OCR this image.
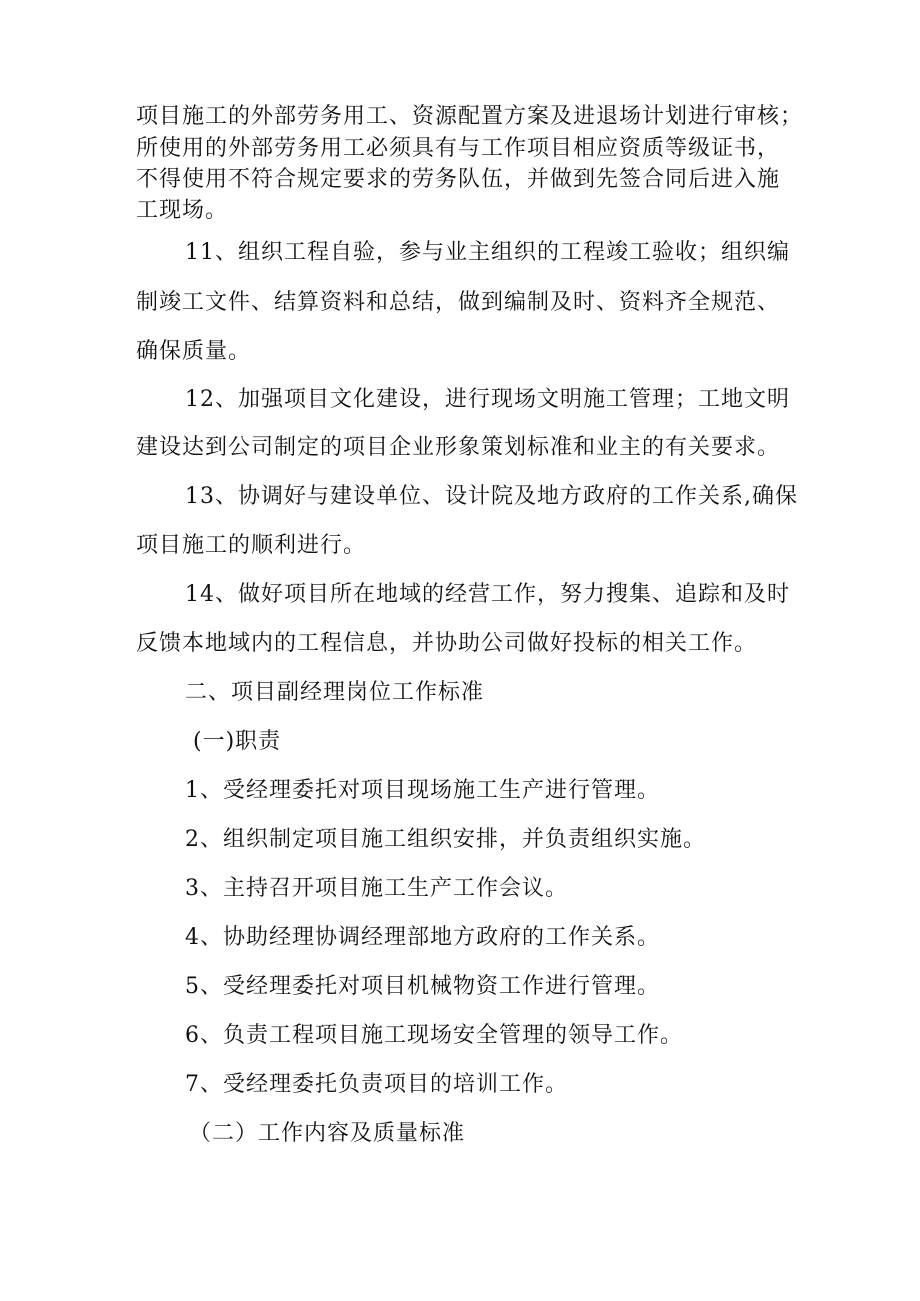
项目施工的外部劳务用工、资源配置方案及进退场计划进行审核；
所使用的外部劳务用工必须具有与工作项目相应资质等级证书，
不得使用不符合规定要求的劳务队伍，并做到先签合同后进入施
工现场。
11、组织工程自验，参与业主组织的工程竣工验收；组织编
制竣工文件、结算资料和总结，做到编制及时、资料齐全规范、
确保质量。
12、加强项目文化建设，进行现场文明施工管理；工地文明
建设达到公司制定的项目企业形象策划标准和业主的有关要求。
13、协调好与建设单位、设计院及地方政府的工作关系,确保
项目施工的顺利进行。
14、做好项目所在地域的经营工作，努力搜集、追踪和及时
反馈本地域内的工程信息，并协助公司做好投标的相关工作。
二、项目副经理岗位工作标准
(一)职责
1、受经理委托对项目现场施工生产进行管理。
2、组织制定项目施工组织安排，并负责组织实施。
3、主持召开项目施工生产工作会议。
4、协助经理协调经理部地方政府的工作关系。
5、受经理委托对项目机械物资工作进行管理。
6、负责工程项目施工现场安全管理的领导工作。
7、受经理委托负责项目的培训工作。
（二）工作内容及质量标准
